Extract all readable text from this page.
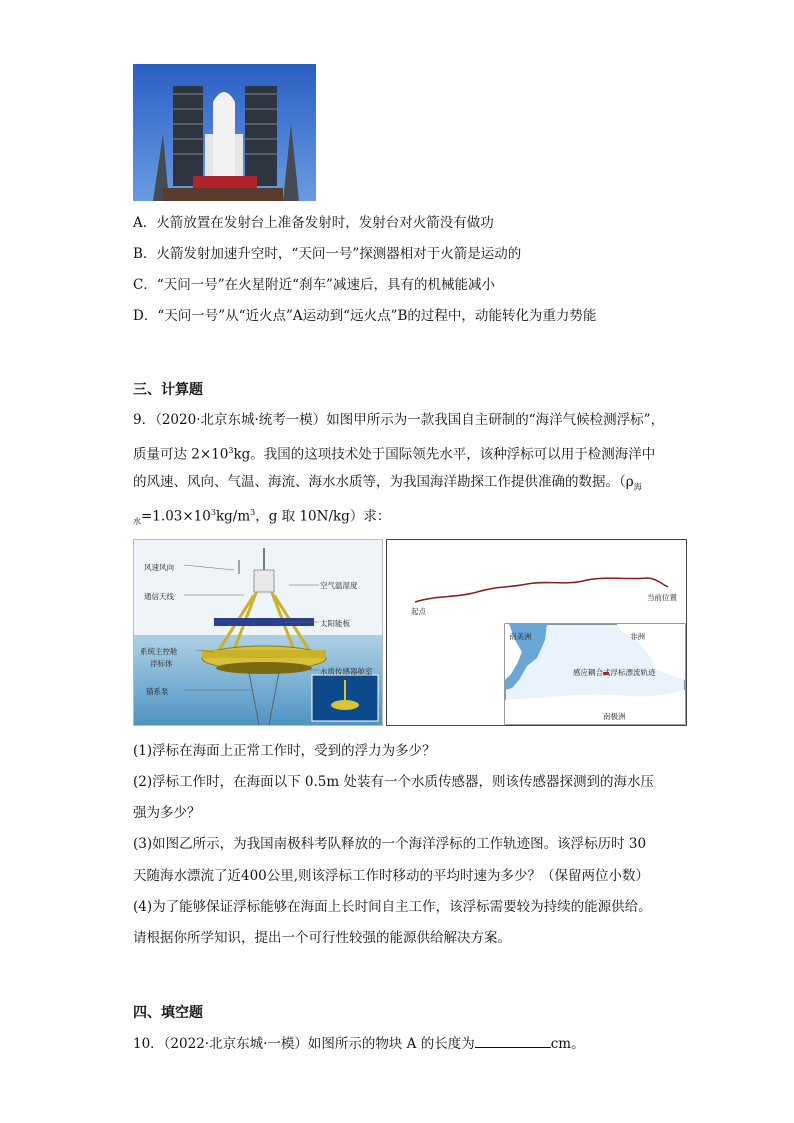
A．火箭放置在发射台上准备发射时，发射台对火箭没有做功
B．火箭发射加速升空时，“天问一号”探测器相对于火箭是运动的
C．“天问一号”在火星附近“刹车”减速后，具有的机械能减小
D．“天问一号”从“近火点”A运动到“远火点”B的过程中，动能转化为重力势能
三、计算题
9．（2020·北京东城·统考一模）如图甲所示为一款我国自主研制的“海洋气候检测浮标”，
质量可达 $2\times 10^3kg$。我国的这项技术处于国际领先水平，该种浮标可以用于检测海洋中
的风速、风向、气温、海流、海水水质等，为我国海洋勘探工作提供准确的数据。（$\rho_海$
$_水=1.03\times 10^3kg/m^3$，g 取 10N/kg）求：
风速风向
通信天线
空气温湿度
太阳能板
系统主控舱
浮标体
水质传感器舱室
锚系泵
起点
当前位置
南美洲	非洲
感应耦合式浮标漂流轨迹
南极洲
(1)浮标在海面上正常工作时，受到的浮力为多少？
(2)浮标工作时，在海面以下 0.5m 处装有一个水质传感器，则该传感器探测到的海水压
强为多少？
(3)如图乙所示，为我国南极科考队释放的一个海洋浮标的工作轨迹图。该浮标历时 30
天随海水漂流了近400公里,则该浮标工作时移动的平均时速为多少？（保留两位小数）
(4)为了能够保证浮标能够在海面上长时间自主工作，该浮标需要较为持续的能源供给。
请根据你所学知识，提出一个可行性较强的能源供给解决方案。
四、填空题
10．（2022·北京东城·一模）如图所示的物块 A 的长度为	cm。
